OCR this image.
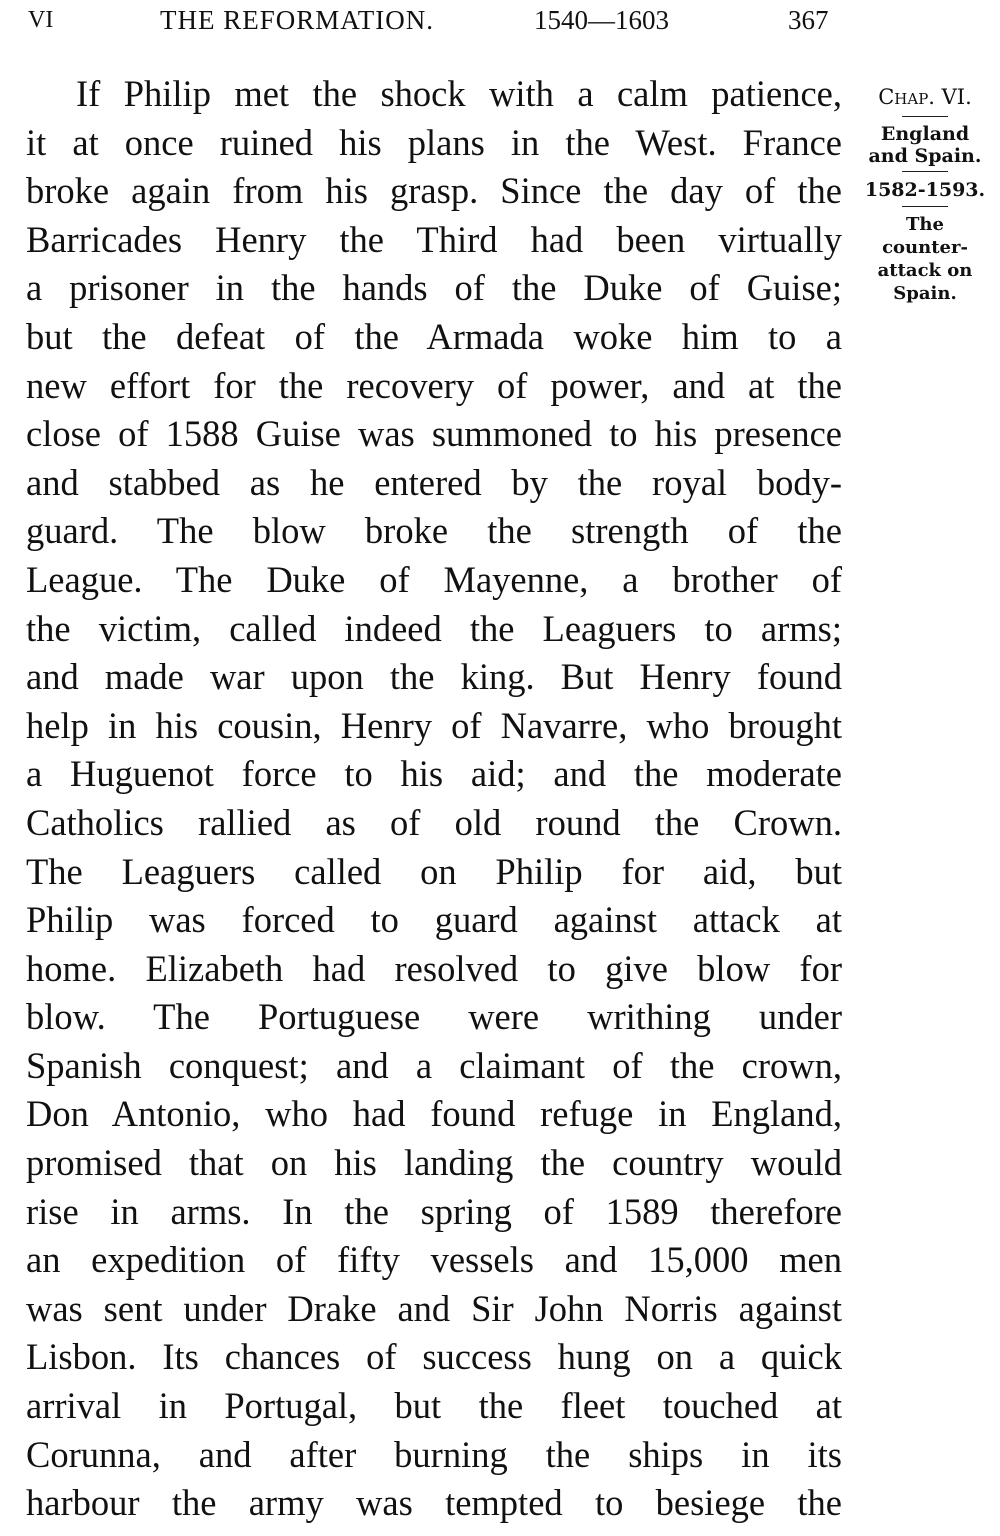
VI	THE REFORMATION.	1540—1603	367
If Philip met the shock with a calm patience,
it at once ruined his plans in the West. France
broke again from his grasp. Since the day of the
Barricades Henry the Third had been virtually
a prisoner in the hands of the Duke of Guise;
but the defeat of the Armada woke him to a
new effort for the recovery of power, and at the
close of 1588 Guise was summoned to his presence
and stabbed as he entered by the royal body-
guard. The blow broke the strength of the
League. The Duke of Mayenne, a brother of
the victim, called indeed the Leaguers to arms;
and made war upon the king. But Henry found
help in his cousin, Henry of Navarre, who brought
a Huguenot force to his aid; and the moderate
Catholics rallied as of old round the Crown.
The Leaguers called on Philip for aid, but
Philip was forced to guard against attack at
home. Elizabeth had resolved to give blow for
blow. The Portuguese were writhing under
Spanish conquest; and a claimant of the crown,
Don Antonio, who had found refuge in England,
promised that on his landing the country would
rise in arms. In the spring of 1589 therefore
an expedition of fifty vessels and 15,000 men
was sent under Drake and Sir John Norris against
Lisbon. Its chances of success hung on a quick
arrival in Portugal, but the fleet touched at
Corunna, and after burning the ships in its
harbour the army was tempted to besiege the
Chap. VI.
England
and Spain.
1582-1593.
The
counter-
attack on
Spain.
